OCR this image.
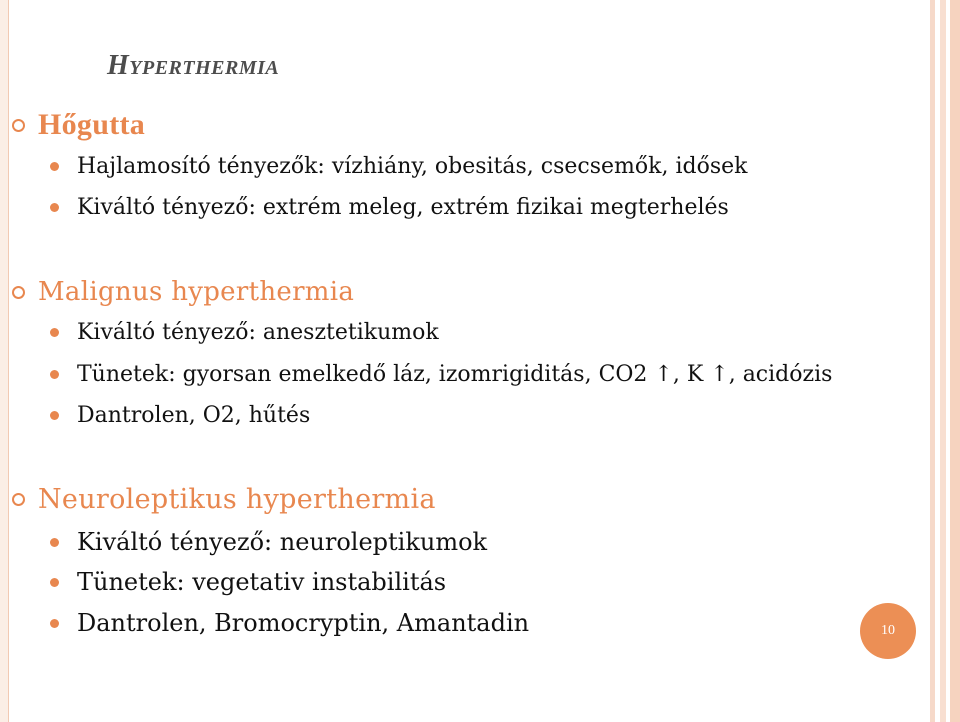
Hyperthermia
Hőgutta
Hajlamosító tényezők: vízhiány, obesitás, csecsemők, idősek
Kiváltó tényező: extrém meleg, extrém fizikai megterhelés
Malignus hyperthermia
Kiváltó tényező: anesztetikumok
Tünetek: gyorsan emelkedő láz, izomrigiditás, CO2 ↑, K ↑, acidózis
Dantrolen, O2, hűtés
Neuroleptikus hyperthermia
Kiváltó tényező: neuroleptikumok
Tünetek: vegetativ instabilitás
Dantrolen, Bromocryptin, Amantadin	10
